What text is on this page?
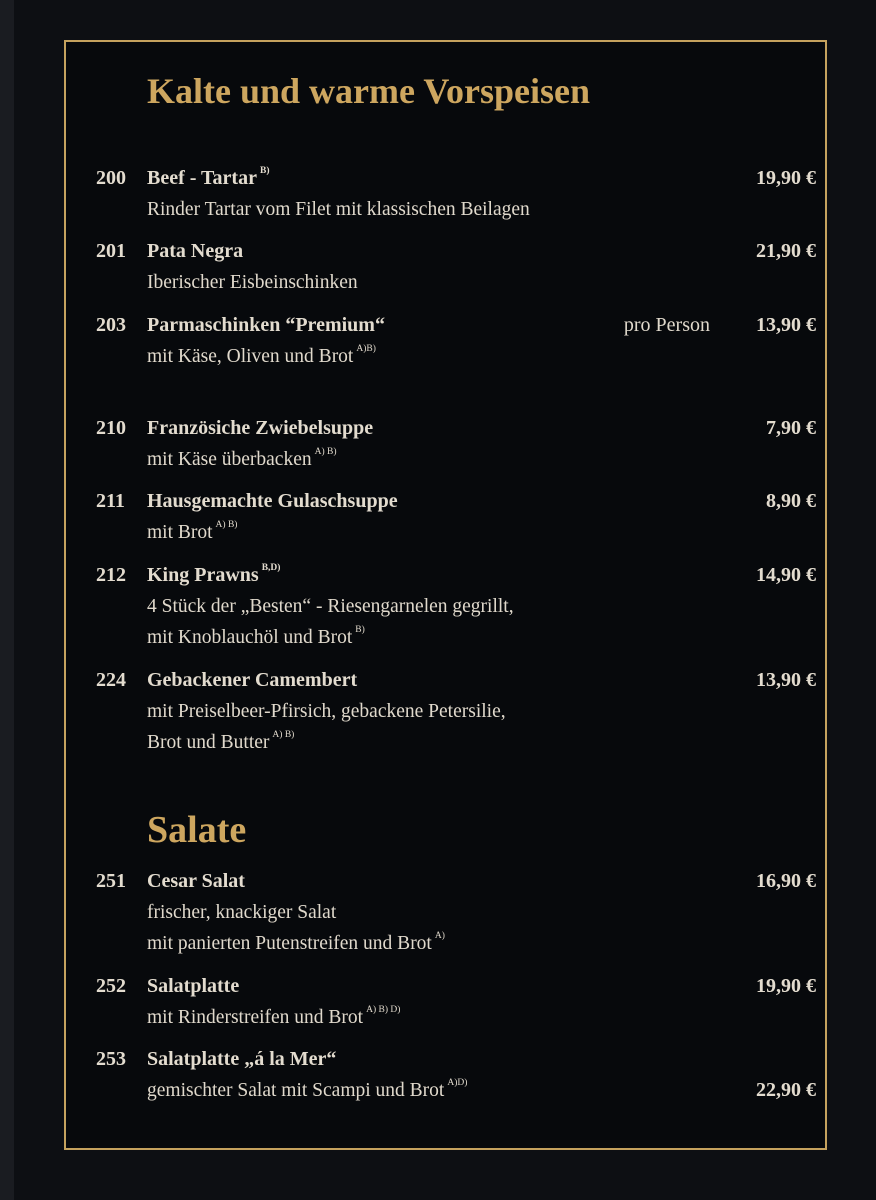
Kalte und warme Vorspeisen
200 Beef - Tartar $^{B)}$	19,90 €
Rinder Tartar vom Filet mit klassischen Beilagen
201 Pata Negra	21,90 €
Iberischer Eisbeinschinken
203 Parmaschinken “Premium“	pro Person 13,90 €
mit Käse, Oliven und Brot $^{A)B)}$
210 Französiche Zwiebelsuppe	7,90 €
mit Käse überbacken $^{A) B)}$
211 Hausgemachte Gulaschsuppe	8,90 €
mit Brot $^{A) B)}$
212 King Prawns $^{B,D)}$	14,90 €
4 Stück der „Besten“ - Riesengarnelen gegrillt,
mit Knoblauchöl und Brot $^{B)}$
224 Gebackener Camembert	13,90 €
mit Preiselbeer-Pfirsich, gebackene Petersilie,
Brot und Butter $^{A) B)}$
Salate
251 Cesar Salat	16,90 €
frischer, knackiger Salat
mit panierten Putenstreifen und Brot $^{A)}$
252 Salatplatte	19,90 €
mit Rinderstreifen und Brot $^{A) B) D)}$
253 Salatplatte „á la Mer“
gemischter Salat mit Scampi und Brot $^{A)D)}$	22,90 €
